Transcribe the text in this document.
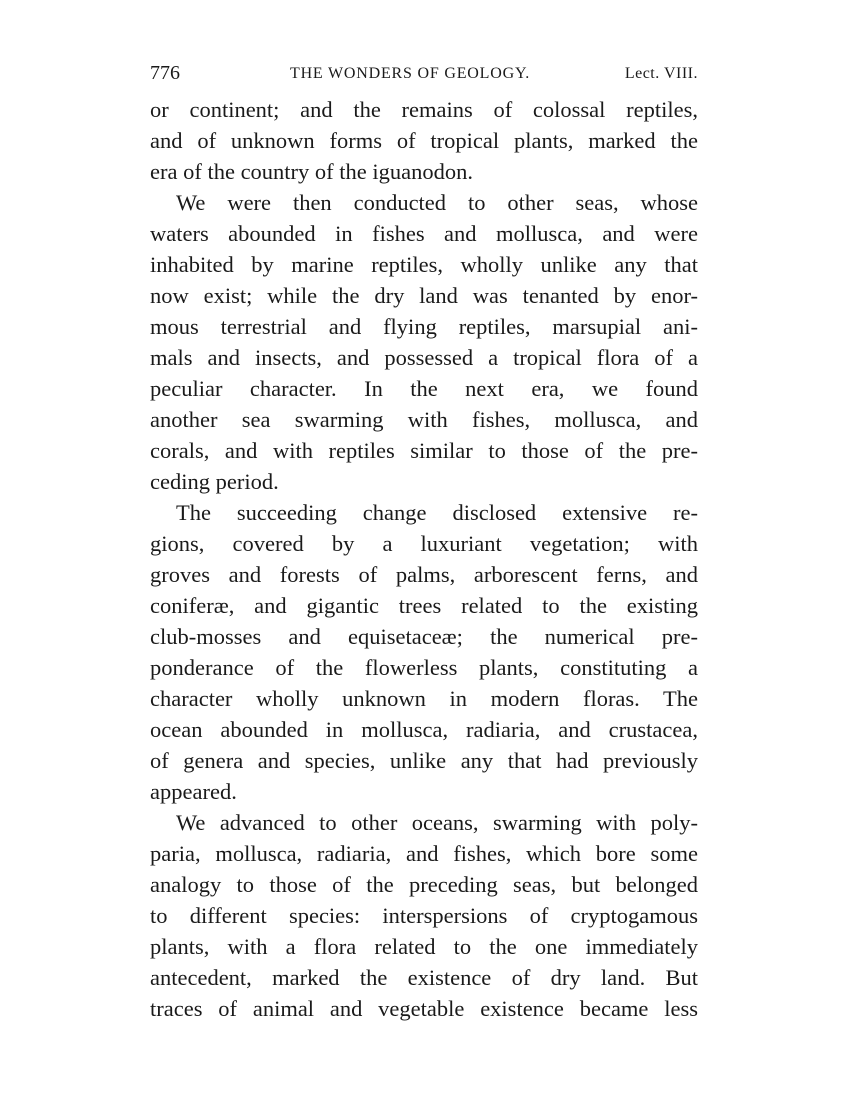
776	THE WONDERS OF GEOLOGY.	Lect. VIII.

or continent; and the remains of colossal reptiles,
and of unknown forms of tropical plants, marked the
era of the country of the iguanodon.

We were then conducted to other seas, whose
waters abounded in fishes and mollusca, and were
inhabited by marine reptiles, wholly unlike any that
now exist; while the dry land was tenanted by enor-
mous terrestrial and flying reptiles, marsupial ani-
mals and insects, and possessed a tropical flora of a
peculiar character. In the next era, we found
another sea swarming with fishes, mollusca, and
corals, and with reptiles similar to those of the pre-
ceding period.

The succeeding change disclosed extensive re-
gions, covered by a luxuriant vegetation; with
groves and forests of palms, arborescent ferns, and
coniferæ, and gigantic trees related to the existing
club-mosses and equisetaceæ; the numerical pre-
ponderance of the flowerless plants, constituting a
character wholly unknown in modern floras. The
ocean abounded in mollusca, radiaria, and crustacea,
of genera and species, unlike any that had previously
appeared.

We advanced to other oceans, swarming with poly-
paria, mollusca, radiaria, and fishes, which bore some
analogy to those of the preceding seas, but belonged
to different species: interspersions of cryptogamous
plants, with a flora related to the one immediately
antecedent, marked the existence of dry land. But
traces of animal and vegetable existence became less
